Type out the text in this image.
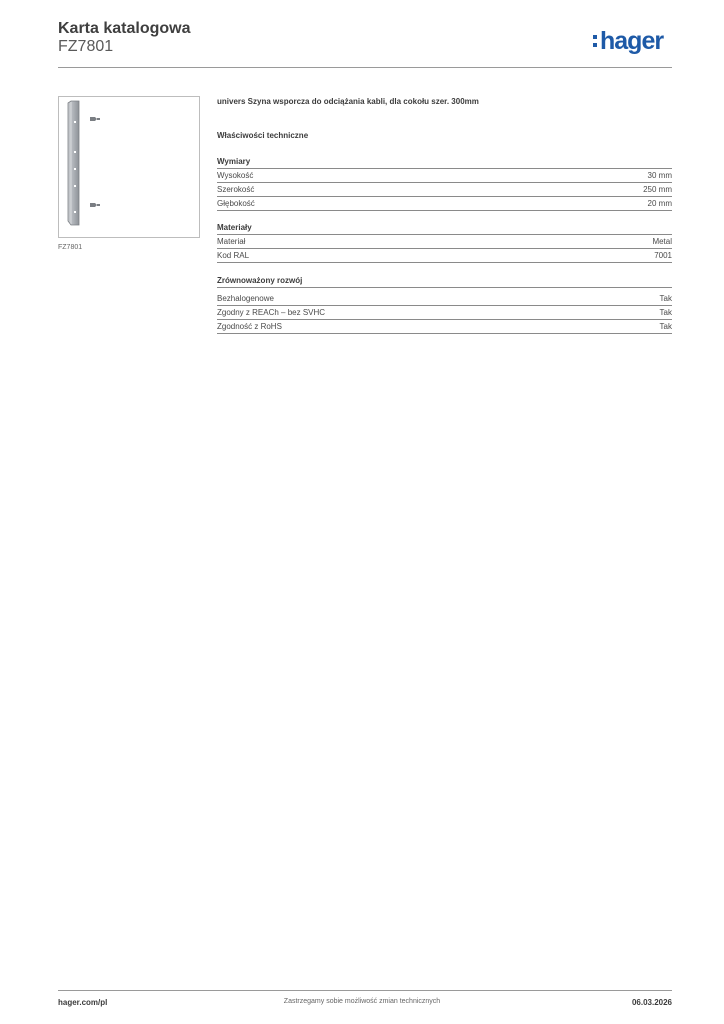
Karta katalogowa
FZ7801	hager
FZ7801

univers Szyna wsporcza do odciążania kabli, dla cokołu szer. 300mm

Właściwości techniczne
Wymiary
Wysokość	30 mm
Szerokość	250 mm
Głębokość	20 mm
Materiały
Materiał	Metal
Kod RAL	7001
Zrównoważony rozwój
Bezhalogenowe	Tak
Zgodny z REACh – bez SVHC	Tak
Zgodność z RoHS	Tak
hager.com/pl	Zastrzegamy sobie możliwość zmian technicznych	06.03.2026
